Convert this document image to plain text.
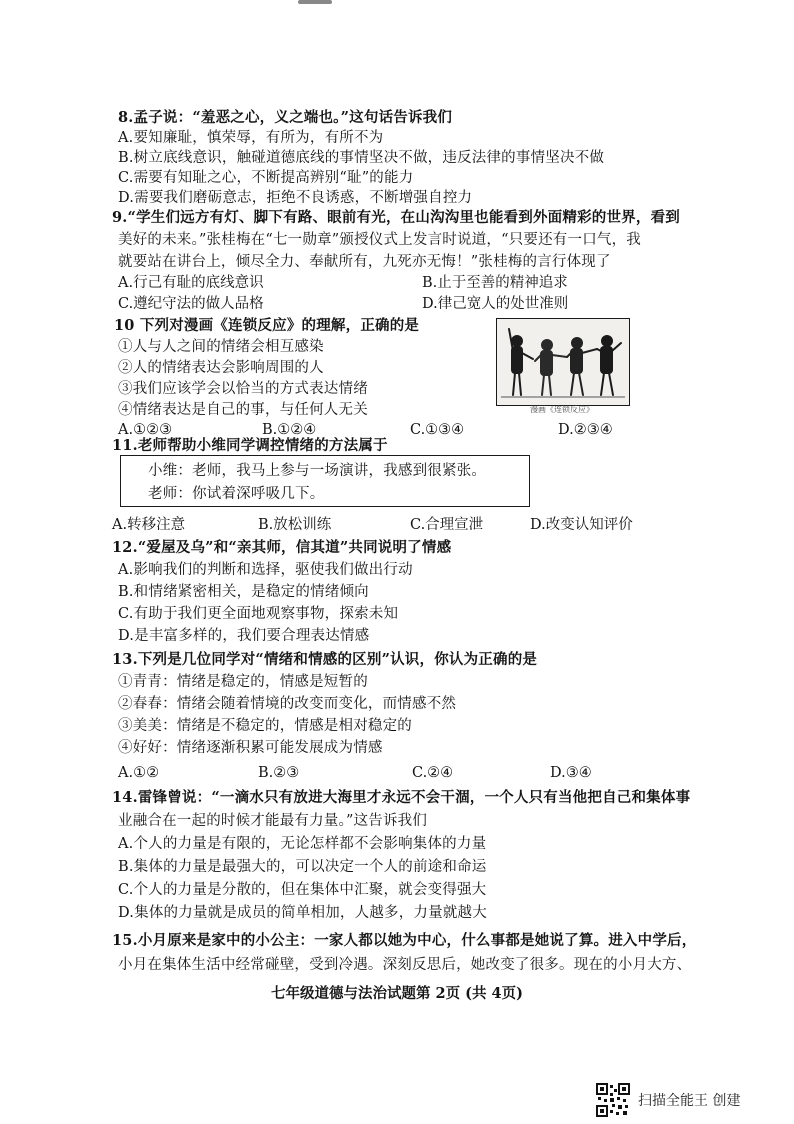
8.孟子说：“羞恶之心，义之端也。”这句话告诉我们
A.要知廉耻，慎荣辱，有所为，有所不为
B.树立底线意识，触碰道德底线的事情坚决不做，违反法律的事情坚决不做
C.需要有知耻之心，不断提高辨别“耻”的能力
D.需要我们磨砺意志，拒绝不良诱惑，不断增强自控力
9.“学生们远方有灯、脚下有路、眼前有光，在山沟沟里也能看到外面精彩的世界，看到
美好的未来。”张桂梅在“七一勋章”颁授仪式上发言时说道，“只要还有一口气，我
就要站在讲台上，倾尽全力、奉献所有，九死亦无悔！”张桂梅的言行体现了
A.行己有耻的底线意识	B.止于至善的精神追求
C.遵纪守法的做人品格	D.律己宽人的处世准则
10 下列对漫画《连锁反应》的理解，正确的是
①人与人之间的情绪会相互感染
②人的情绪表达会影响周围的人
③我们应该学会以恰当的方式表达情绪
④情绪表达是自己的事，与任何人无关
A.①②③	B.①②④	C.①③④	D.②③④
漫画《连锁反应》
11.老师帮助小维同学调控情绪的方法属于
小维：老师，我马上参与一场演讲，我感到很紧张。
老师：你试着深呼吸几下。
A.转移注意	B.放松训练	C.合理宣泄	D.改变认知评价
12.“爱屋及乌”和“亲其师，信其道”共同说明了情感
A.影响我们的判断和选择，驱使我们做出行动
B.和情绪紧密相关，是稳定的情绪倾向
C.有助于我们更全面地观察事物，探索未知
D.是丰富多样的，我们要合理表达情感
13.下列是几位同学对“情绪和情感的区别”认识，你认为正确的是
①青青：情绪是稳定的，情感是短暂的
②春春：情绪会随着情境的改变而变化，而情感不然
③美美：情绪是不稳定的，情感是相对稳定的
④好好：情绪逐渐积累可能发展成为情感
A.①②	B.②③	C.②④	D.③④
14.雷锋曾说：“一滴水只有放进大海里才永远不会干涸，一个人只有当他把自己和集体事
业融合在一起的时候才能最有力量。”这告诉我们
A.个人的力量是有限的，无论怎样都不会影响集体的力量
B.集体的力量是最强大的，可以决定一个人的前途和命运
C.个人的力量是分散的，但在集体中汇聚，就会变得强大
D.集体的力量就是成员的简单相加，人越多，力量就越大
15.小月原来是家中的小公主：一家人都以她为中心，什么事都是她说了算。进入中学后，
小月在集体生活中经常碰壁，受到冷遇。深刻反思后，她改变了很多。现在的小月大方、
七年级道德与法治试题第 2页 (共 4页)
扫描全能王 创建
